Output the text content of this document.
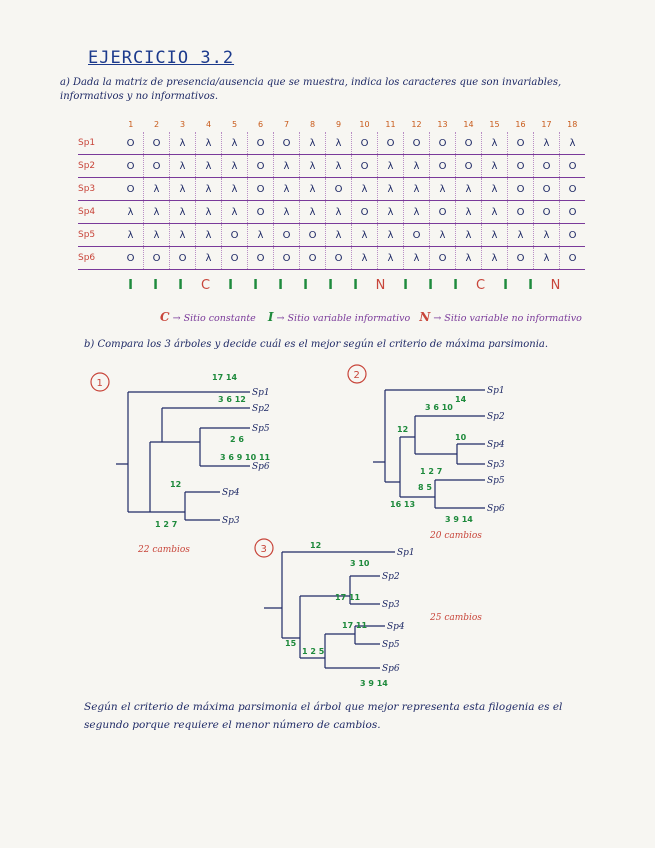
EJERCICIO 3.2
a) Dada la matriz de presencia/ausencia que se muestra, indica los caracteres que son invariables, informativos y no informativos.
	1	2	3	4	5	6	7	8	9	10	11	12	13	14	15	16	17	18
Sp1	O	O	λ	λ	λ	O	O	λ	λ	O	O	O	O	O	λ	O	λ	λ
Sp2	O	O	λ	λ	λ	O	λ	λ	λ	O	λ	λ	O	O	λ	O	O	O
Sp3	O	λ	λ	λ	λ	O	λ	λ	O	λ	λ	λ	λ	λ	λ	O	O	O
Sp4	λ	λ	λ	λ	λ	O	λ	λ	λ	O	λ	λ	O	λ	λ	O	O	O
Sp5	λ	λ	λ	λ	O	λ	O	O	λ	λ	λ	O	λ	λ	λ	λ	λ	O
Sp6	O	O	O	λ	O	O	O	O	O	λ	λ	λ	O	λ	λ	O	λ	O
I I I C I I I I I I N I I I C I I N
C → Sitio constante I → Sitio variable informativo N → Sitio variable no informativo
b) Compara los 3 árboles y decide cuál es el mejor según el criterio de máxima parsimonia.
1
Sp1
Sp2
Sp5
Sp6
Sp4
Sp3
17 14
3 6 12
2 6
3 6 9 10 11
12
1 2 7
22 cambios
2
Sp1
Sp2
Sp4
Sp3
Sp5
Sp6
14
3 6 10
10
1 2 7
12
8 5
16 13
3 9 14
20 cambios
3	Sp1
Sp2
Sp3
Sp4
Sp5
Sp6
12
3 10
17 11
17 11
15
1 2 5
3 9 14
25 cambios
Según el criterio de máxima parsimonia el árbol que mejor representa esta filogenia es el segundo porque requiere el menor número de cambios.
